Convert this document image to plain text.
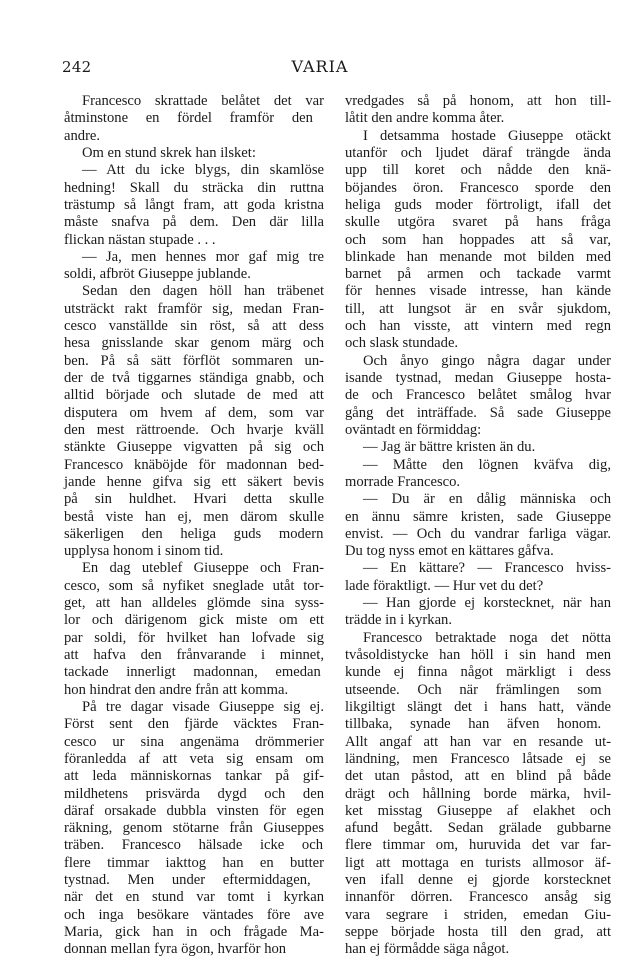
242	VARIA
Francesco skrattade belåtet det var
åtminstone en fördel framför den
andre.
Om en stund skrek han ilsket:
— Att du icke blygs, din skamlöse
hedning! Skall du sträcka din ruttna
trästump så långt fram, att goda kristna
måste snafva på dem. Den där lilla
flickan nästan stupade . . .
— Ja, men hennes mor gaf mig tre
soldi, afbröt Giuseppe jublande.
Sedan den dagen höll han träbenet
utsträckt rakt framför sig, medan Fran-
cesco vanställde sin röst, så att dess
hesa gnisslande skar genom märg och
ben. På så sätt förflöt sommaren un-
der de två tiggarnes ständiga gnabb, och
alltid började och slutade de med att
disputera om hvem af dem, som var
den mest rättroende. Och hvarje kväll
stänkte Giuseppe vigvatten på sig och
Francesco knäböjde för madonnan bed-
jande henne gifva sig ett säkert bevis
på sin huldhet. Hvari detta skulle
bestå viste han ej, men därom skulle
säkerligen den heliga guds modern
upplysa honom i sinom tid.
En dag uteblef Giuseppe och Fran-
cesco, som så nyfiket sneglade utåt tor-
get, att han alldeles glömde sina syss-
lor och därigenom gick miste om ett
par soldi, för hvilket han lofvade sig
att hafva den frånvarande i minnet,
tackade innerligt madonnan, emedan
hon hindrat den andre från att komma.
På tre dagar visade Giuseppe sig ej.
Först sent den fjärde väcktes Fran-
cesco ur sina angenäma drömmerier
föranledda af att veta sig ensam om
att leda människornas tankar på gif-
mildhetens prisvärda dygd och den
däraf orsakade dubbla vinsten för egen
räkning, genom stötarne från Giuseppes
träben. Francesco hälsade icke och
flere timmar iakttog han en butter
tystnad. Men under eftermiddagen,
när det en stund var tomt i kyrkan
och inga besökare väntades före ave
Maria, gick han in och frågade Ma-
donnan mellan fyra ögon, hvarför hon
vredgades så på honom, att hon till-
låtit den andre komma åter.
I detsamma hostade Giuseppe otäckt
utanför och ljudet däraf trängde ända
upp till koret och nådde den knä-
böjandes öron. Francesco sporde den
heliga guds moder förtroligt, ifall det
skulle utgöra svaret på hans fråga
och som han hoppades att så var,
blinkade han menande mot bilden med
barnet på armen och tackade varmt
för hennes visade intresse, han kände
till, att lungsot är en svår sjukdom,
och han visste, att vintern med regn
och slask stundade.
Och ånyo gingo några dagar under
isande tystnad, medan Giuseppe hosta-
de och Francesco belåtet smålog hvar
gång det inträffade. Så sade Giuseppe
oväntadt en förmiddag:
— Jag är bättre kristen än du.
— Måtte den lögnen kväfva dig,
morrade Francesco.
— Du är en dålig människa och
en ännu sämre kristen, sade Giuseppe
envist. — Och du vandrar farliga vägar.
Du tog nyss emot en kättares gåfva.
— En kättare? — Francesco hviss-
lade föraktligt. — Hur vet du det?
— Han gjorde ej korstecknet, när han
trädde in i kyrkan.
Francesco betraktade noga det nötta
tvåsoldistycke han höll i sin hand men
kunde ej finna något märkligt i dess
utseende. Och när främlingen som
likgiltigt slängt det i hans hatt, vände
tillbaka, synade han äfven honom.
Allt angaf att han var en resande ut-
ländning, men Francesco låtsade ej se
det utan påstod, att en blind på både
drägt och hållning borde märka, hvil-
ket misstag Giuseppe af elakhet och
afund begått. Sedan grälade gubbarne
flere timmar om, huruvida det var far-
ligt att mottaga en turists allmosor äf-
ven ifall denne ej gjorde korstecknet
innanför dörren. Francesco ansåg sig
vara segrare i striden, emedan Giu-
seppe började hosta till den grad, att
han ej förmådde säga något.
